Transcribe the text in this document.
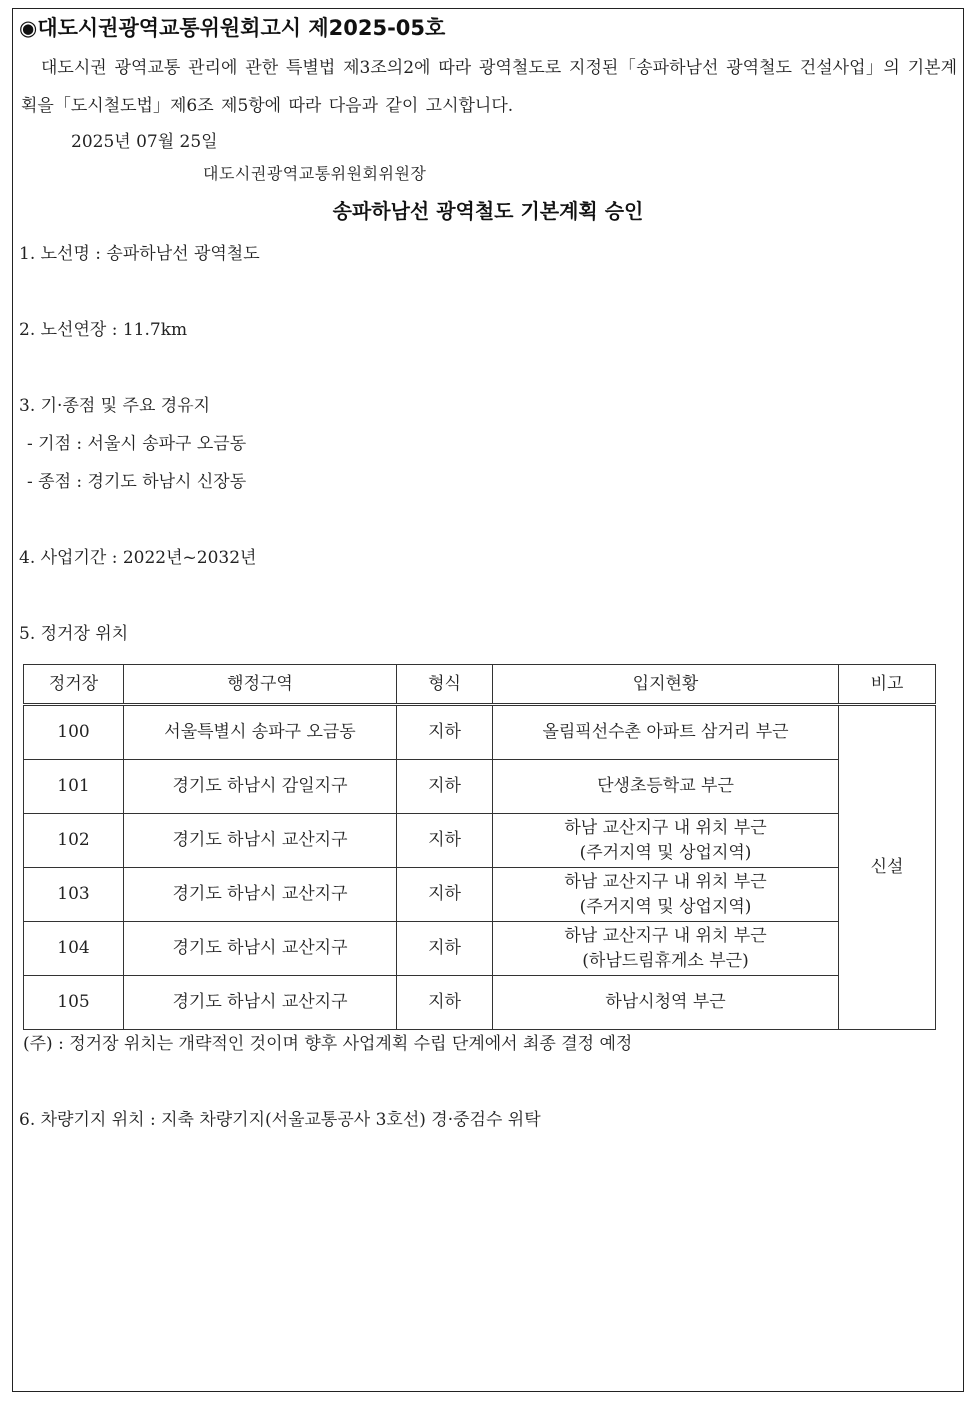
◉대도시권광역교통위원회고시 제2025-05호
대도시권 광역교통 관리에 관한 특별법 제3조의2에 따라 광역철도로 지정된「송파하남선 광역철도 건설사업」의 기본계획을「도시철도법」제6조 제5항에 따라 다음과 같이 고시합니다.
2025년 07월 25일
대도시권광역교통위원회위원장
송파하남선 광역철도 기본계획 승인
1. 노선명 : 송파하남선 광역철도
2. 노선연장 : 11.7km
3. 기·종점 및 주요 경유지
- 기점 : 서울시 송파구 오금동
- 종점 : 경기도 하남시 신장동
4. 사업기간 : 2022년~2032년
5. 정거장 위치
정거장	행정구역	형식	입지현황	비고
100	서울특별시 송파구 오금동	지하	올림픽선수촌 아파트 삼거리 부근	신설
101	경기도 하남시 감일지구	지하	단생초등학교 부근	
102	경기도 하남시 교산지구	지하	하남 교산지구 내 위치 부근
(주거지역 및 상업지역)	

103	경기도 하남시 교산지구	지하	하남 교산지구 내 위치 부근
(주거지역 및 상업지역)	

104	경기도 하남시 교산지구	지하	하남 교산지구 내 위치 부근
(하남드림휴게소 부근)	

105	경기도 하남시 교산지구	지하	하남시청역 부근	
(주) : 정거장 위치는 개략적인 것이며 향후 사업계획 수립 단계에서 최종 결정 예정
6. 차량기지 위치 : 지축 차량기지(서울교통공사 3호선) 경·중검수 위탁
